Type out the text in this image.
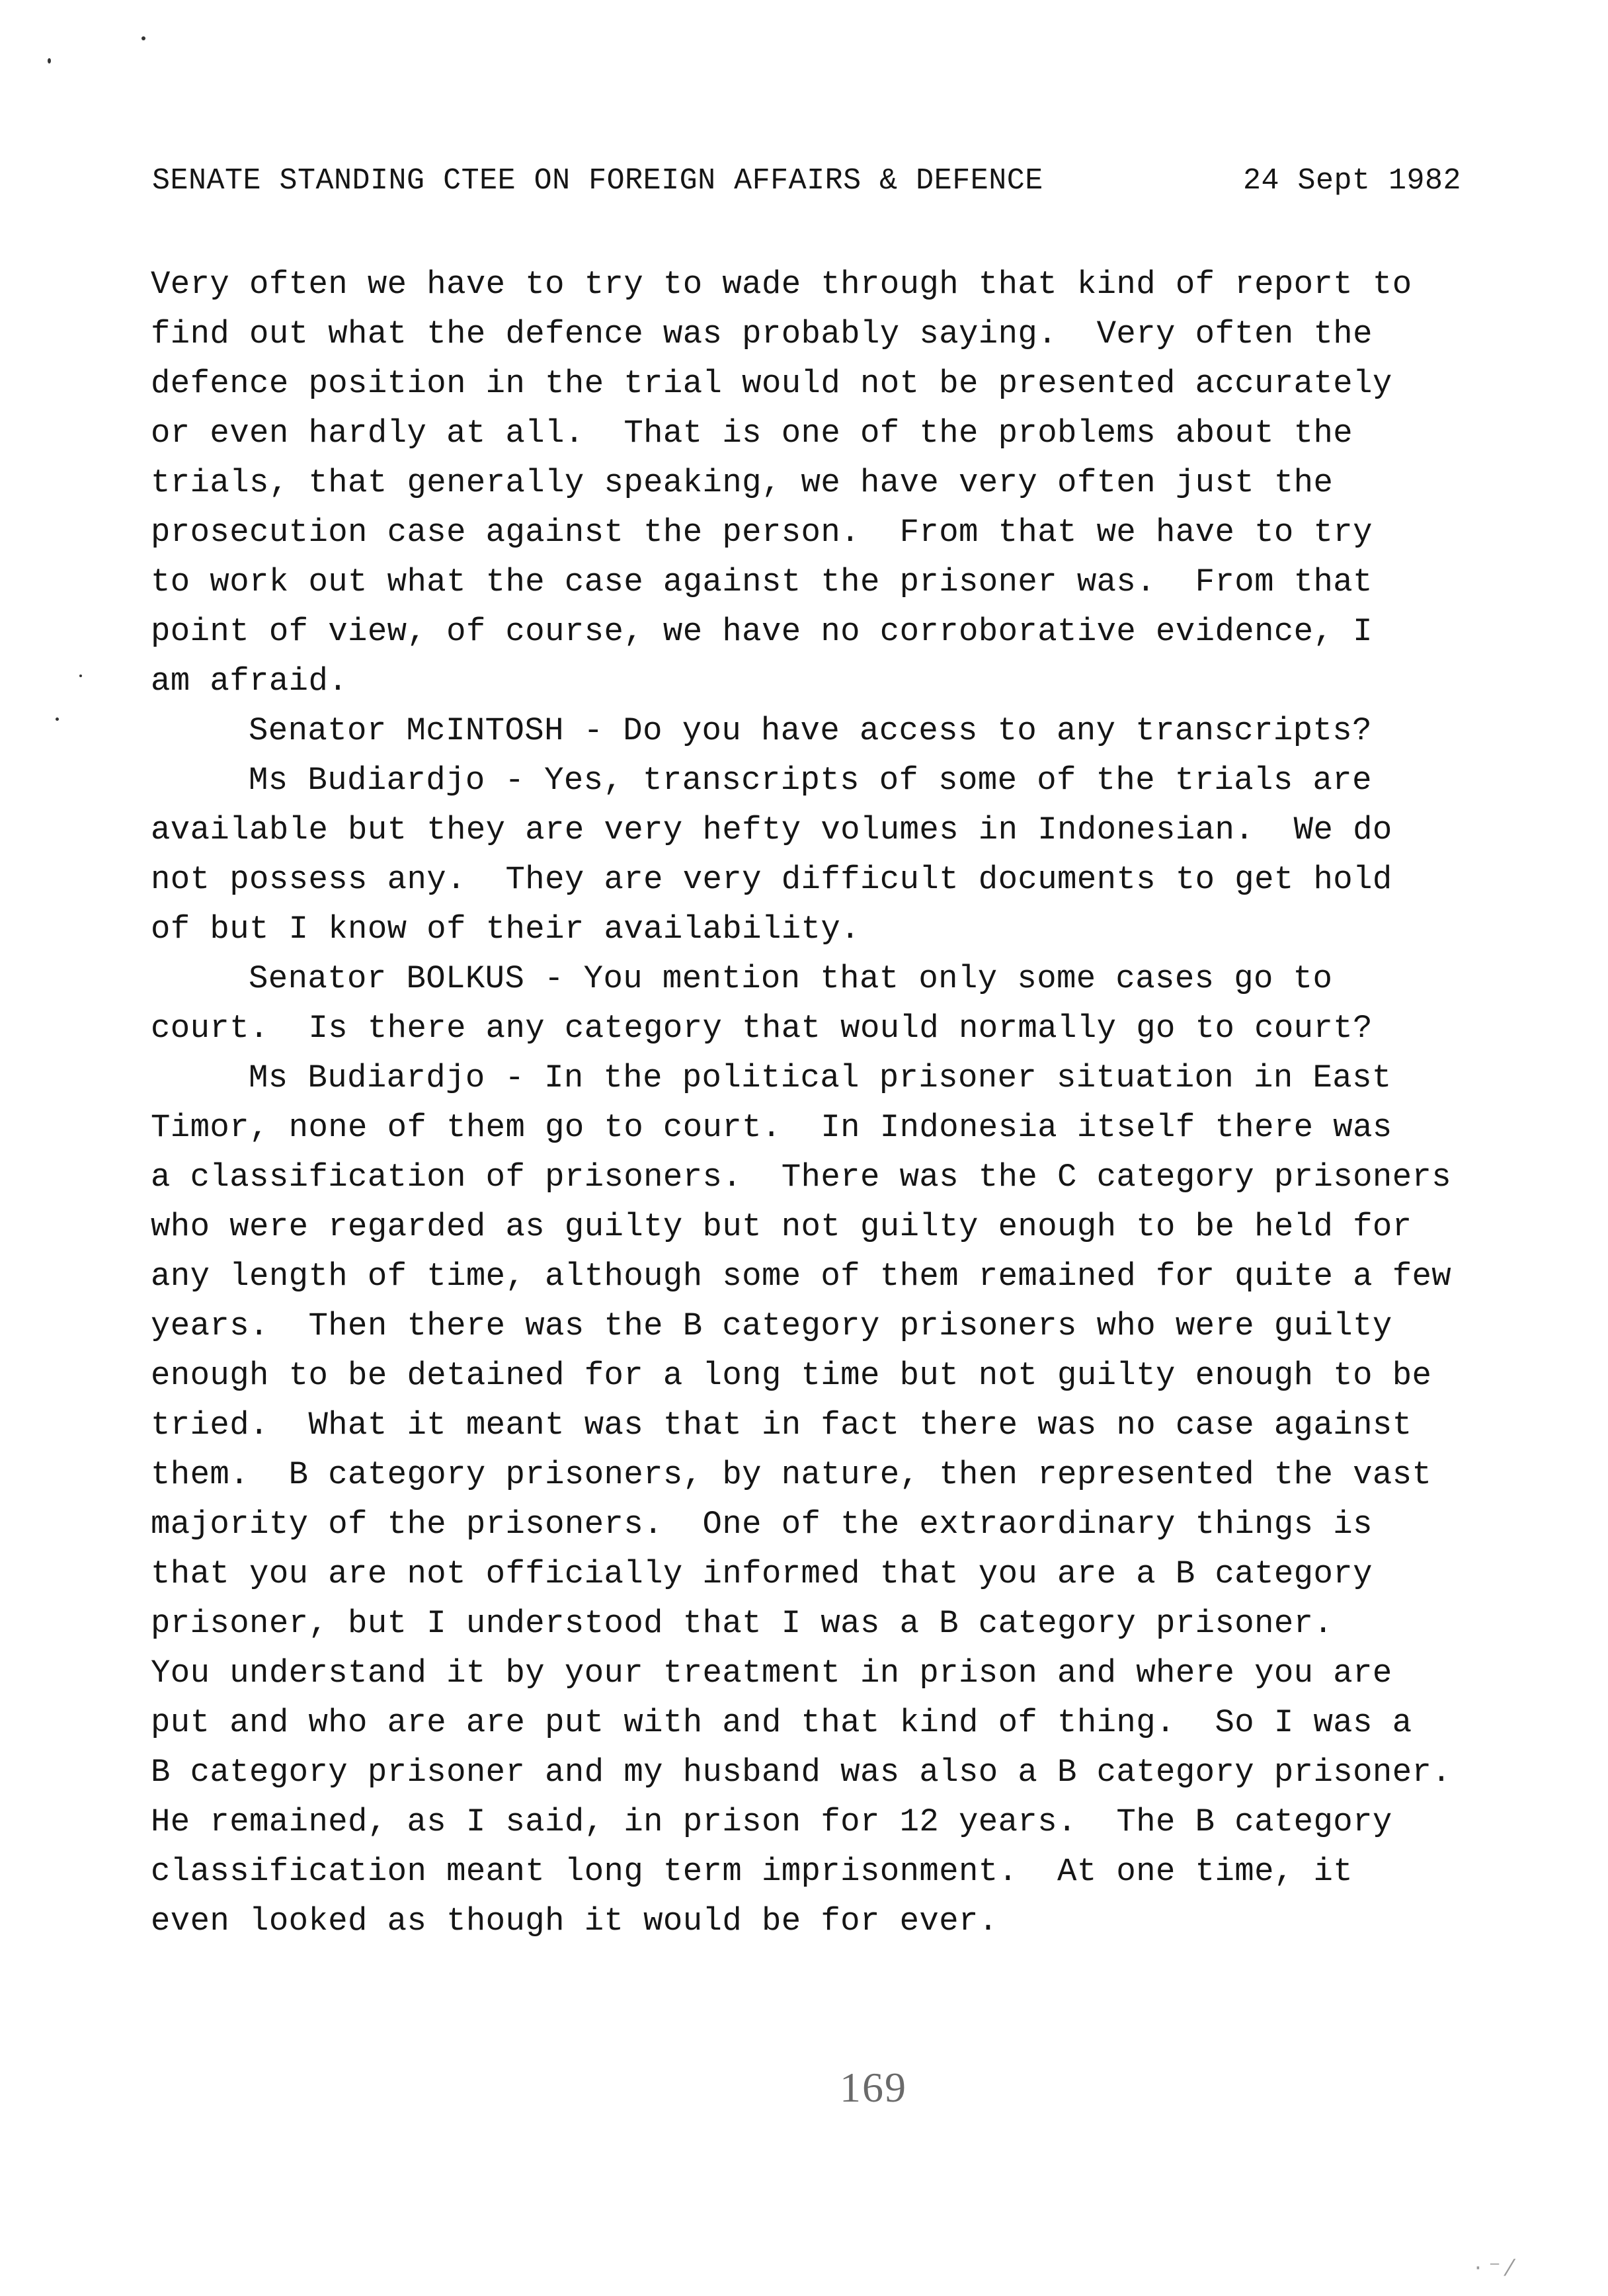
· ⁻ ⁄

SENATE STANDING CTEE ON FOREIGN AFFAIRS & DEFENCE

	24 Sept 1982

Very often we have to try to wade through that kind of report to
find out what the defence was probably saying.  Very often the
defence position in the trial would not be presented accurately
or even hardly at all.  That is one of the problems about the
trials, that generally speaking, we have very often just the
prosecution case against the person.  From that we have to try
to work out what the case against the prisoner was.  From that
point of view, of course, we have no corroborative evidence, I
am afraid.
Senator McINTOSH - Do you have access to any transcripts?
Ms Budiardjo - Yes, transcripts of some of the trials are
available but they are very hefty volumes in Indonesian.  We do
not possess any.  They are very difficult documents to get hold
of but I know of their availability.
Senator BOLKUS - You mention that only some cases go to
court.  Is there any category that would normally go to court?
Ms Budiardjo - In the political prisoner situation in East
Timor, none of them go to court.  In Indonesia itself there was
a classification of prisoners.  There was the C category prisoners
who were regarded as guilty but not guilty enough to be held for
any length of time, although some of them remained for quite a few
years.  Then there was the B category prisoners who were guilty
enough to be detained for a long time but not guilty enough to be
tried.  What it meant was that in fact there was no case against
them.  B category prisoners, by nature, then represented the vast
majority of the prisoners.  One of the extraordinary things is
that you are not officially informed that you are a B category
prisoner, but I understood that I was a B category prisoner.
You understand it by your treatment in prison and where you are
put and who are are put with and that kind of thing.  So I was a
B category prisoner and my husband was also a B category prisoner.
He remained, as I said, in prison for 12 years.  The B category
classification meant long term imprisonment.  At one time, it
even looked as though it would be for ever.
169
